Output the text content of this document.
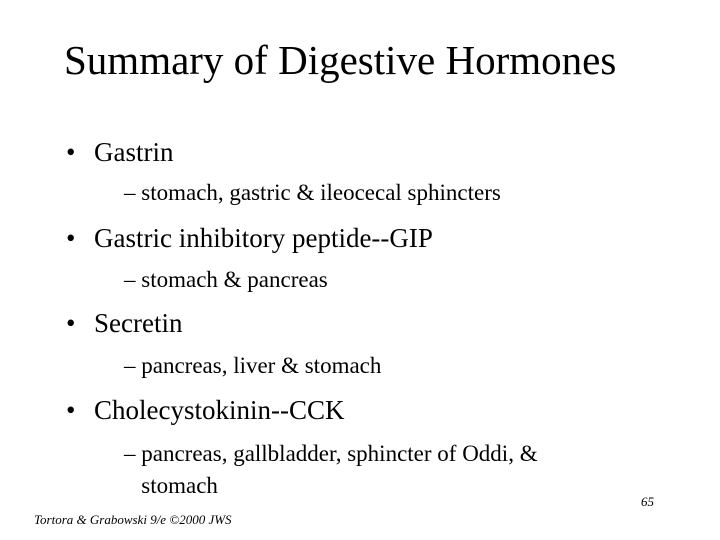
Summary of Digestive Hormones
• Gastrin
– stomach, gastric & ileocecal sphincters
• Gastric inhibitory peptide--GIP
– stomach & pancreas
• Secretin
– pancreas, liver & stomach
• Cholecystokinin--CCK
– pancreas, gallbladder, sphincter of Oddi, &
stomach
65
Tortora & Grabowski 9/e ©2000 JWS
